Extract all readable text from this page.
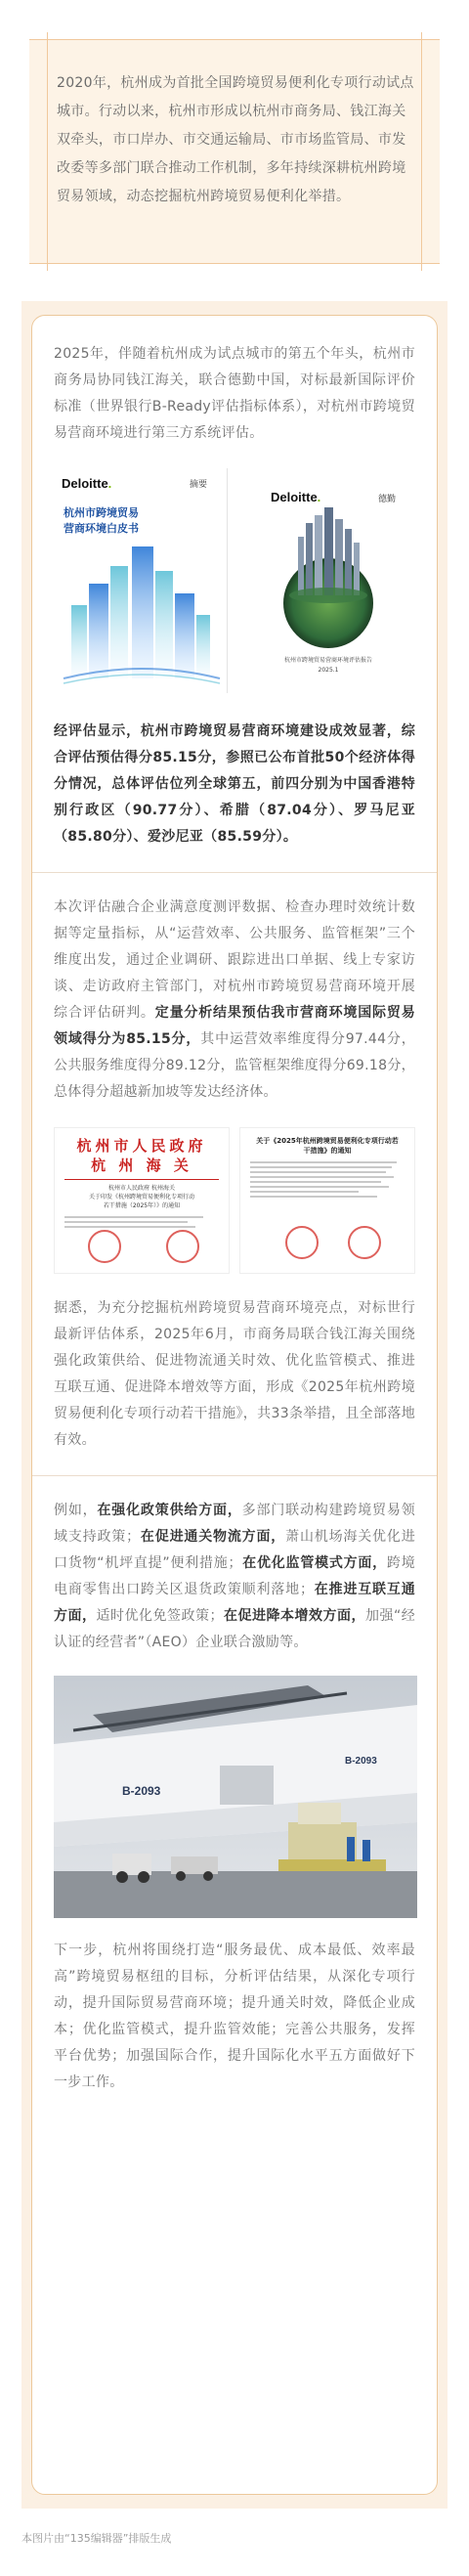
2020年，杭州成为首批全国跨境贸易便利化专项行动试点城市。行动以来，杭州市形成以杭州市商务局、钱江海关双牵头，市口岸办、市交通运输局、市市场监管局、市发改委等多部门联合推动工作机制，多年持续深耕杭州跨境贸易领域，动态挖掘杭州跨境贸易便利化举措。

2025年，伴随着杭州成为试点城市的第五个年头，杭州市商务局协同钱江海关，联合德勤中国，对标最新国际评价标准（世界银行B-Ready评估指标体系），对杭州市跨境贸易营商环境进行第三方系统评估。

Deloitte.	摘要
杭州市跨境贸易
营商环境白皮书
Deloitte.	德勤
杭州市跨境贸易营商环境评估报告
2025.1

经评估显示，杭州市跨境贸易营商环境建设成效显著，综合评估预估得分85.15分，参照已公布首批50个经济体得分情况，总体评估位列全球第五，前四分别为中国香港特别行政区（90.77分）、希腊（87.04分）、罗马尼亚（85.80分）、爱沙尼亚（85.59分）。

本次评估融合企业满意度测评数据、检查办理时效统计数据等定量指标，从“运营效率、公共服务、监管框架”三个维度出发，通过企业调研、跟踪进出口单据、线上专家访谈、走访政府主管部门，对杭州市跨境贸易营商环境开展综合评估研判。定量分析结果预估我市营商环境国际贸易领域得分为85.15分，其中运营效率维度得分97.44分，公共服务维度得分89.12分，监管框架维度得分69.18分，总体得分超越新加坡等发达经济体。

杭州市人民政府
杭 州 海 关
杭州市人民政府 杭州海关
关于印发《杭州跨境贸易便利化专项行动
若干措施（2025年）》的通知
关于《2025年杭州跨境贸易便利化专项行动若
干措施》的通知

据悉，为充分挖掘杭州跨境贸易营商环境亮点，对标世行最新评估体系，2025年6月，市商务局联合钱江海关围绕强化政策供给、促进物流通关时效、优化监管模式、推进互联互通、促进降本增效等方面，形成《2025年杭州跨境贸易便利化专项行动若干措施》，共33条举措，且全部落地有效。

例如，在强化政策供给方面，多部门联动构建跨境贸易领域支持政策；在促进通关物流方面，萧山机场海关优化进口货物“机坪直提”便利措施；在优化监管模式方面，跨境电商零售出口跨关区退货政策顺利落地；在推进互联互通方面，适时优化免签政策；在促进降本增效方面，加强“经认证的经营者”（AEO）企业联合激励等。

B-2093
B-2093

下一步，杭州将围绕打造“服务最优、成本最低、效率最高”跨境贸易枢纽的目标，分析评估结果，从深化专项行动，提升国际贸易营商环境；提升通关时效，降低企业成本；优化监管模式，提升监管效能；完善公共服务，发挥平台优势；加强国际合作，提升国际化水平五方面做好下一步工作。

本图片由“135编辑器”排版生成
